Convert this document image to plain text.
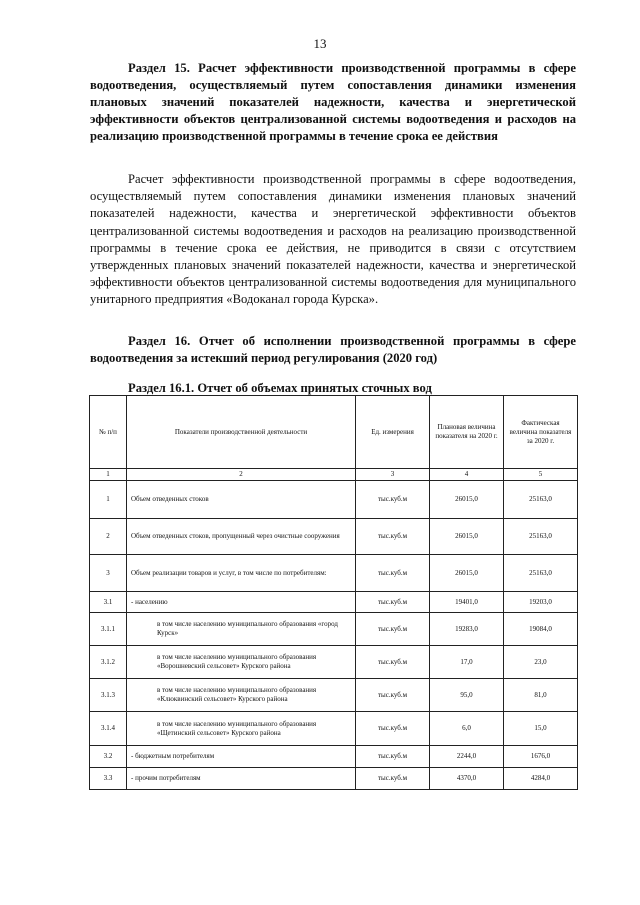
13
Раздел 15. Расчет эффективности производственной программы в сфере водоотведения, осуществляемый путем сопоставления динамики изменения плановых значений показателей надежности, качества и энергетической эффективности объектов централизованной системы водоотведения и расходов на реализацию производственной программы в течение срока ее действия
Расчет эффективности производственной программы в сфере водоотведения, осуществляемый путем сопоставления динамики изменения плановых значений показателей надежности, качества и энергетической эффективности объектов централизованной системы водоотведения и расходов на реализацию производственной программы в течение срока ее действия, не приводится в связи с отсутствием утвержденных плановых значений показателей надежности, качества и энергетической эффективности объектов централизованной системы водоотведения для муниципального унитарного предприятия «Водоканал города Курска».
Раздел 16. Отчет об исполнении производственной программы в сфере водоотведения за истекший период регулирования (2020 год)
Раздел 16.1. Отчет об объемах принятых сточных вод
№ п/п	Показатели производственной деятельности	Ед. измерения	Плановая величина показателя на 2020 г.	Фактическая величина показателя за 2020 г.
1	2	3	4	5
1	Объем отведенных стоков	тыс.куб.м	26015,0	25163,0
2	Объем отведенных стоков, пропущенный через очистные сооружения	тыс.куб.м	26015,0	25163,0
3	Объем реализации товаров и услуг, в том числе по потребителям:	тыс.куб.м	26015,0	25163,0
3.1	- населению	тыс.куб.м	19401,0	19203,0
3.1.1	в том числе населению муниципального образования «город Курск»	тыс.куб.м	19283,0	19084,0
3.1.2	в том числе населению муниципального образования «Ворошневский сельсовет» Курского района	тыс.куб.м	17,0	23,0
3.1.3	в том числе населению муниципального образования «Клюквинский сельсовет» Курского района	тыс.куб.м	95,0	81,0
3.1.4	в том числе населению муниципального образования «Щетинский сельсовет» Курского района	тыс.куб.м	6,0	15,0
3.2	- бюджетным потребителям	тыс.куб.м	2244,0	1676,0
3.3	- прочим потребителям	тыс.куб.м	4370,0	4284,0
